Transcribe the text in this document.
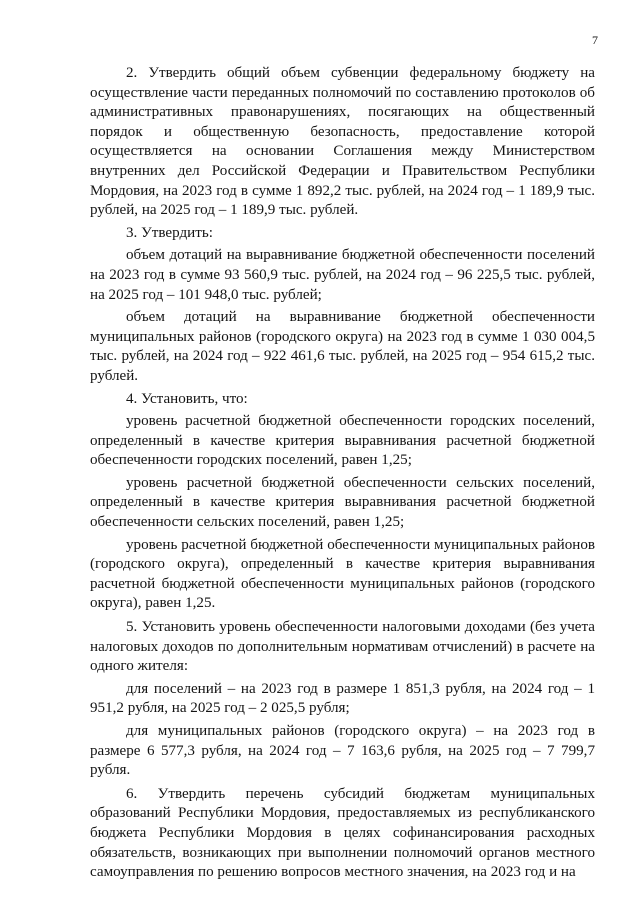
7

2. Утвердить общий объем субвенции федеральному бюджету на осуществление части переданных полномочий по составлению протоколов об административных правонарушениях, посягающих на общественный порядок и общественную безопасность, предоставление которой осуществляется на основании Соглашения между Министерством внутренних дел Российской Федерации и Правительством Республики Мордовия, на 2023 год в сумме 1 892,2 тыс. рублей, на 2024 год – 1 189,9 тыс. рублей, на 2025 год – 1 189,9 тыс. рублей.

3. Утвердить:

объем дотаций на выравнивание бюджетной обеспеченности поселений на 2023 год в сумме 93 560,9 тыс. рублей, на 2024 год – 96 225,5 тыс. рублей, на 2025 год – 101 948,0 тыс. рублей;

объем дотаций на выравнивание бюджетной обеспеченности муниципальных районов (городского округа) на 2023 год в сумме 1 030 004,5 тыс. рублей, на 2024 год – 922 461,6 тыс. рублей, на 2025 год – 954 615,2 тыс. рублей.

4. Установить, что:

уровень расчетной бюджетной обеспеченности городских поселений, определенный в качестве критерия выравнивания расчетной бюджетной обеспеченности городских поселений, равен 1,25;

уровень расчетной бюджетной обеспеченности сельских поселений, определенный в качестве критерия выравнивания расчетной бюджетной обеспеченности сельских поселений, равен 1,25;

уровень расчетной бюджетной обеспеченности муниципальных районов (городского округа), определенный в качестве критерия выравнивания расчетной бюджетной обеспеченности муниципальных районов (городского округа), равен 1,25.

5. Установить уровень обеспеченности налоговыми доходами (без учета налоговых доходов по дополнительным нормативам отчислений) в расчете на одного жителя:

для поселений – на 2023 год в размере 1 851,3 рубля, на 2024 год – 1 951,2 рубля, на 2025 год – 2 025,5 рубля;

для муниципальных районов (городского округа) – на 2023 год в размере 6 577,3 рубля, на 2024 год – 7 163,6 рубля, на 2025 год – 7 799,7 рубля.

6. Утвердить перечень субсидий бюджетам муниципальных образований Республики Мордовия, предоставляемых из республиканского бюджета Республики Мордовия в целях софинансирования расходных обязательств, возникающих при выполнении полномочий органов местного самоуправления по решению вопросов местного значения, на 2023 год и на
